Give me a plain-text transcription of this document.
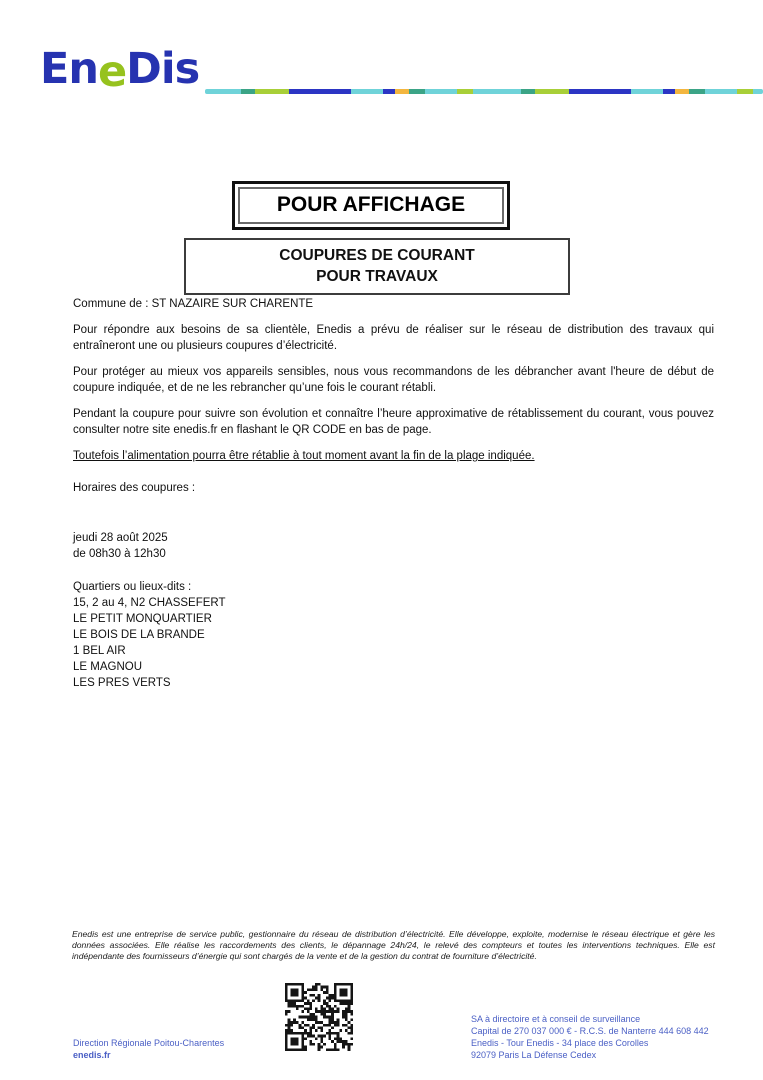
EneDis
POUR AFFICHAGE
COUPURES DE COURANT
POUR TRAVAUX

Commune de : ST NAZAIRE SUR CHARENTE

Pour répondre aux besoins de sa clientèle, Enedis a prévu de réaliser sur le réseau de distribution des travaux qui entraîneront une ou plusieurs coupures d’électricité.

Pour protéger au mieux vos appareils sensibles, nous vous recommandons de les débrancher avant l'heure de début de coupure indiquée, et de ne les rebrancher qu’une fois le courant rétabli.

Pendant la coupure pour suivre son évolution et connaître l’heure approximative de rétablissement du courant, vous pouvez consulter notre site enedis.fr en flashant le QR CODE en bas de page.

Toutefois l’alimentation pourra être rétablie à tout moment avant la fin de la plage indiquée.

Horaires des coupures :

jeudi 28 août 2025

de 08h30 à 12h30

Quartiers ou lieux-dits :

15, 2 au 4, N2 CHASSEFERT

LE PETIT MONQUARTIER

LE BOIS DE LA BRANDE

1 BEL AIR

LE MAGNOU

LES PRES VERTS

Enedis est une entreprise de service public, gestionnaire du réseau de distribution d’électricité. Elle développe, exploite, modernise le réseau électrique et gère les données associées. Elle réalise les raccordements des clients, le dépannage 24h/24, le relevé des compteurs et toutes les interventions techniques. Elle est indépendante des fournisseurs d’énergie qui sont chargés de la vente et de la gestion du contrat de fourniture d’électricité.
Direction Régionale Poitou-Charentes
enedis.fr
SA à directoire et à conseil de surveillance
Capital de 270 037 000 € - R.C.S. de Nanterre 444 608 442
Enedis - Tour Enedis - 34 place des Corolles
92079 Paris La Défense Cedex
